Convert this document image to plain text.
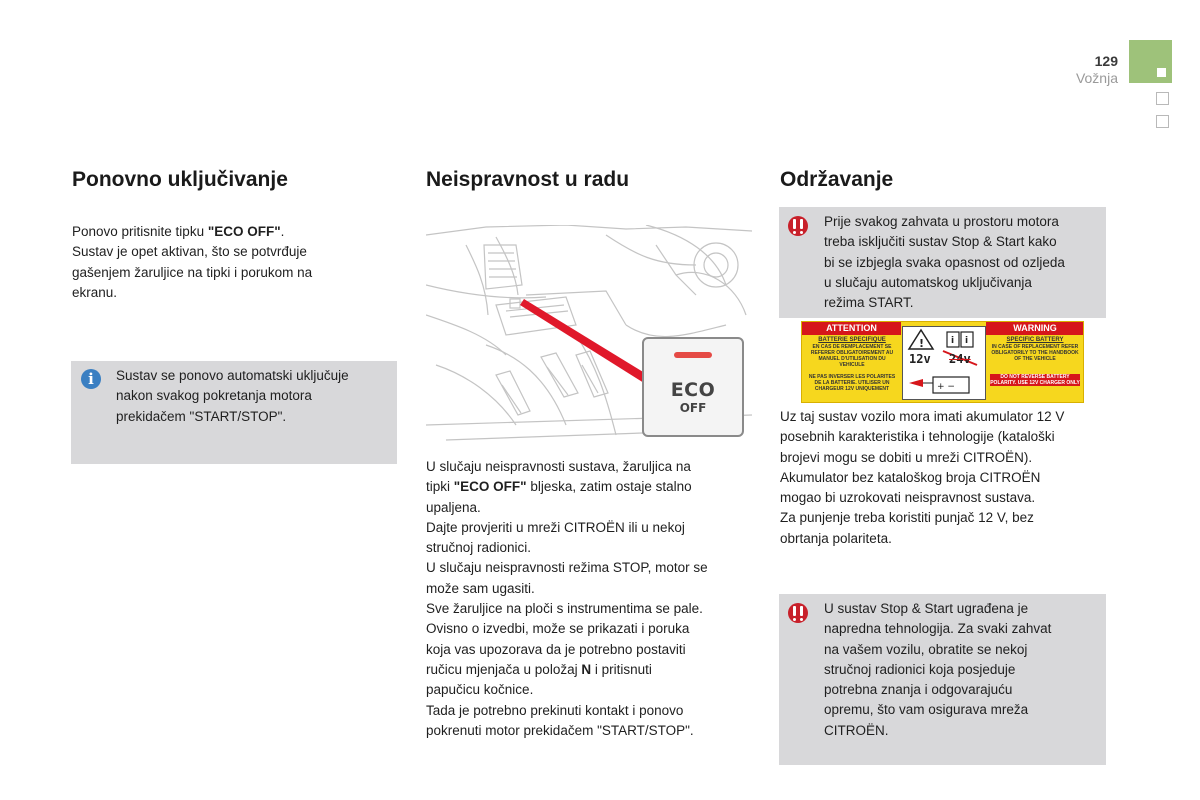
129
Vožnja
Ponovno uključivanje

Ponovo pritisnite tipku "ECO OFF".

Sustav je opet aktivan, što se potvrđuje

gašenjem žaruljice na tipki i porukom na

ekranu.

i	Sustav se ponovo automatski uključuje
nakon svakog pokretanja motora
prekidačem "START/STOP".
Neispravnost u radu
ECO
OFF

U slučaju neispravnosti sustava, žaruljica na

tipki "ECO OFF" bljeska, zatim ostaje stalno

upaljena.

Dajte provjeriti u mreži CITROËN ili u nekoj

stručnoj radionici.

U slučaju neispravnosti režima STOP, motor se

može sam ugasiti.

Sve žaruljice na ploči s instrumentima se pale.

Ovisno o izvedbi, može se prikazati i poruka

koja vas upozorava da je potrebno postaviti

ručicu mjenjača u položaj N i pritisnuti

papučicu kočnice.

Tada je potrebno prekinuti kontakt i ponovo

pokrenuti motor prekidačem "START/STOP".

Održavanje
Prije svakog zahvata u prostoru motora
treba isključiti sustav Stop & Start kako
bi se izbjegla svaka opasnost od ozljeda
u slučaju automatskog uključivanja
režima START.
ATTENTION	WARNING
BATTERIE SPECIFIQUE
EN CAS DE REMPLACEMENT SE REFERER OBLIGATOIREMENT AU MANUEL D'UTILISATION DU VEHICULE
NE PAS INVERSER LES POLARITES DE LA BATTERIE. UTILISER UN CHARGEUR 12V UNIQUEMENT
SPECIFIC BATTERY
IN CASE OF REPLACEMENT REFER OBLIGATORILY TO THE HANDBOOK OF THE VEHICLE
DO NOT REVERSE BATTERY POLARITY. USE 12V CHARGER ONLY
!	i i
+ −
12v 24v

Uz taj sustav vozilo mora imati akumulator 12 V

posebnih karakteristika i tehnologije (kataloški

brojevi mogu se dobiti u mreži CITROËN).

Akumulator bez kataloškog broja CITROËN

mogao bi uzrokovati neispravnost sustava.

Za punjenje treba koristiti punjač 12 V, bez

obrtanja polariteta.

U sustav Stop & Start ugrađena je
napredna tehnologija. Za svaki zahvat
na vašem vozilu, obratite se nekoj
stručnoj radionici koja posjeduje
potrebna znanja i odgovarajuću
opremu, što vam osigurava mreža
CITROËN.
